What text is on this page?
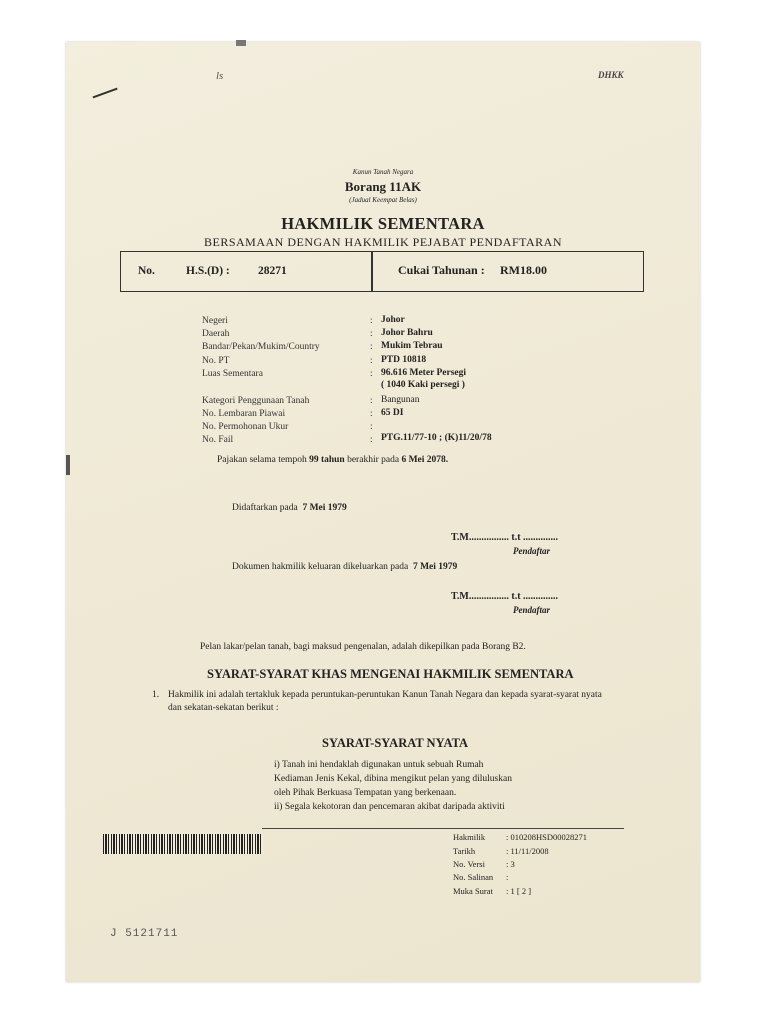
ls	DHKK
Kanun Tanah Negara
Borang 11AK
(Jadual Keempat Belas)
HAKMILIK SEMENTARA
BERSAMAAN DENGAN HAKMILIK PEJABAT PENDAFTARAN
No.	H.S.(D) : 28271	Cukai Tahunan : RM18.00
Negeri	: Johor
Daerah	: Johor Bahru
Bandar/Pekan/Mukim/Country	: Mukim Tebrau
No. PT	: PTD 10818
Luas Sementara	: 96.616 Meter Persegi
( 1040 Kaki persegi )
Kategori Penggunaan Tanah	: Bangunan
No. Lembaran Piawai	: 65 DI
No. Permohonan Ukur	:
No. Fail	: PTG.11/77-10 ; (K)11/20/78
Pajakan selama tempoh 99 tahun berakhir pada 6 Mei 2078.
Didaftarkan pada 7 Mei 1979
T.M................ t.t ..............
Pendaftar
Dokumen hakmilik keluaran dikeluarkan pada 7 Mei 1979
T.M................ t.t ..............
Pendaftar
Pelan lakar/pelan tanah, bagi maksud pengenalan, adalah dikepilkan pada Borang B2.
SYARAT-SYARAT KHAS MENGENAI HAKMILIK SEMENTARA
1. Hakmilik ini adalah tertakluk kepada peruntukan-peruntukan Kanun Tanah Negara dan kepada syarat-syarat nyata
dan sekatan-sekatan berikut :
SYARAT-SYARAT NYATA
i) Tanah ini hendaklah digunakan untuk sebuah Rumah
Kediaman Jenis Kekal, dibina mengikut pelan yang diluluskan
oleh Pihak Berkuasa Tempatan yang berkenaan.
ii) Segala kekotoran dan pencemaran akibat daripada aktiviti
Hakmilik : 010208HSD00028271
Tarikh	: 11/11/2008
No. Versi : 3
No. Salinan :
Muka Surat : 1 [ 2 ]
J 5121711
